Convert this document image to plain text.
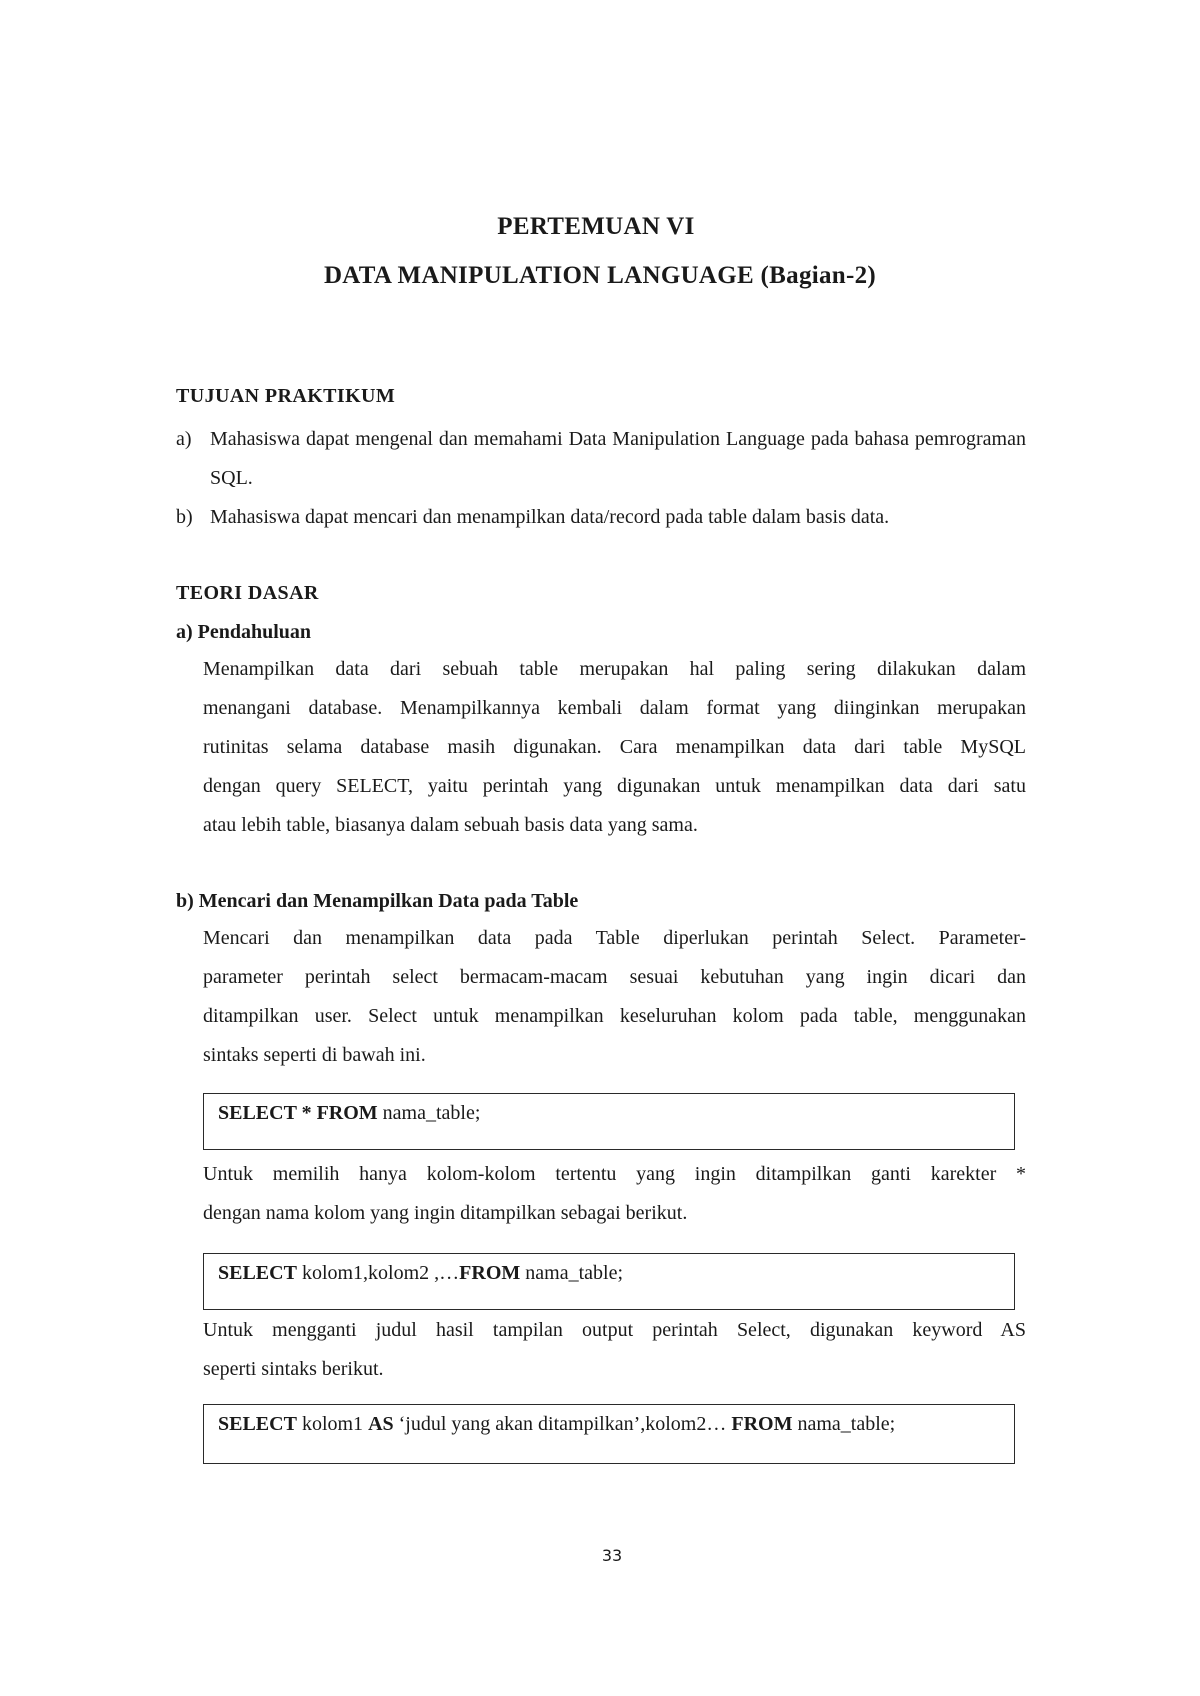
PERTEMUAN VI
DATA MANIPULATION LANGUAGE (Bagian-2)
TUJUAN PRAKTIKUM
a) Mahasiswa dapat mengenal dan memahami Data Manipulation Language pada bahasa pemrograman SQL.
b) Mahasiswa dapat mencari dan menampilkan data/record pada table dalam basis data.
TEORI DASAR
a) Pendahuluan
Menampilkan data dari sebuah table merupakan hal paling sering dilakukan dalam
menangani database. Menampilkannya kembali dalam format yang diinginkan merupakan
rutinitas selama database masih digunakan. Cara menampilkan data dari table MySQL
dengan query SELECT, yaitu perintah yang digunakan untuk menampilkan data dari satu
atau lebih table, biasanya dalam sebuah basis data yang sama.
b) Mencari dan Menampilkan Data pada Table
Mencari dan menampilkan data pada Table diperlukan perintah Select. Parameter-
parameter perintah select bermacam-macam sesuai kebutuhan yang ingin dicari dan
ditampilkan user. Select untuk menampilkan keseluruhan kolom pada table, menggunakan
sintaks seperti di bawah ini.
SELECT * FROM nama_table;
Untuk memilih hanya kolom-kolom tertentu yang ingin ditampilkan ganti karekter *
dengan nama kolom yang ingin ditampilkan sebagai berikut.
SELECT kolom1,kolom2 ,…FROM nama_table;
Untuk mengganti judul hasil tampilan output perintah Select, digunakan keyword AS
seperti sintaks berikut.
SELECT kolom1 AS ‘judul yang akan ditampilkan’,kolom2… FROM nama_table;
33
